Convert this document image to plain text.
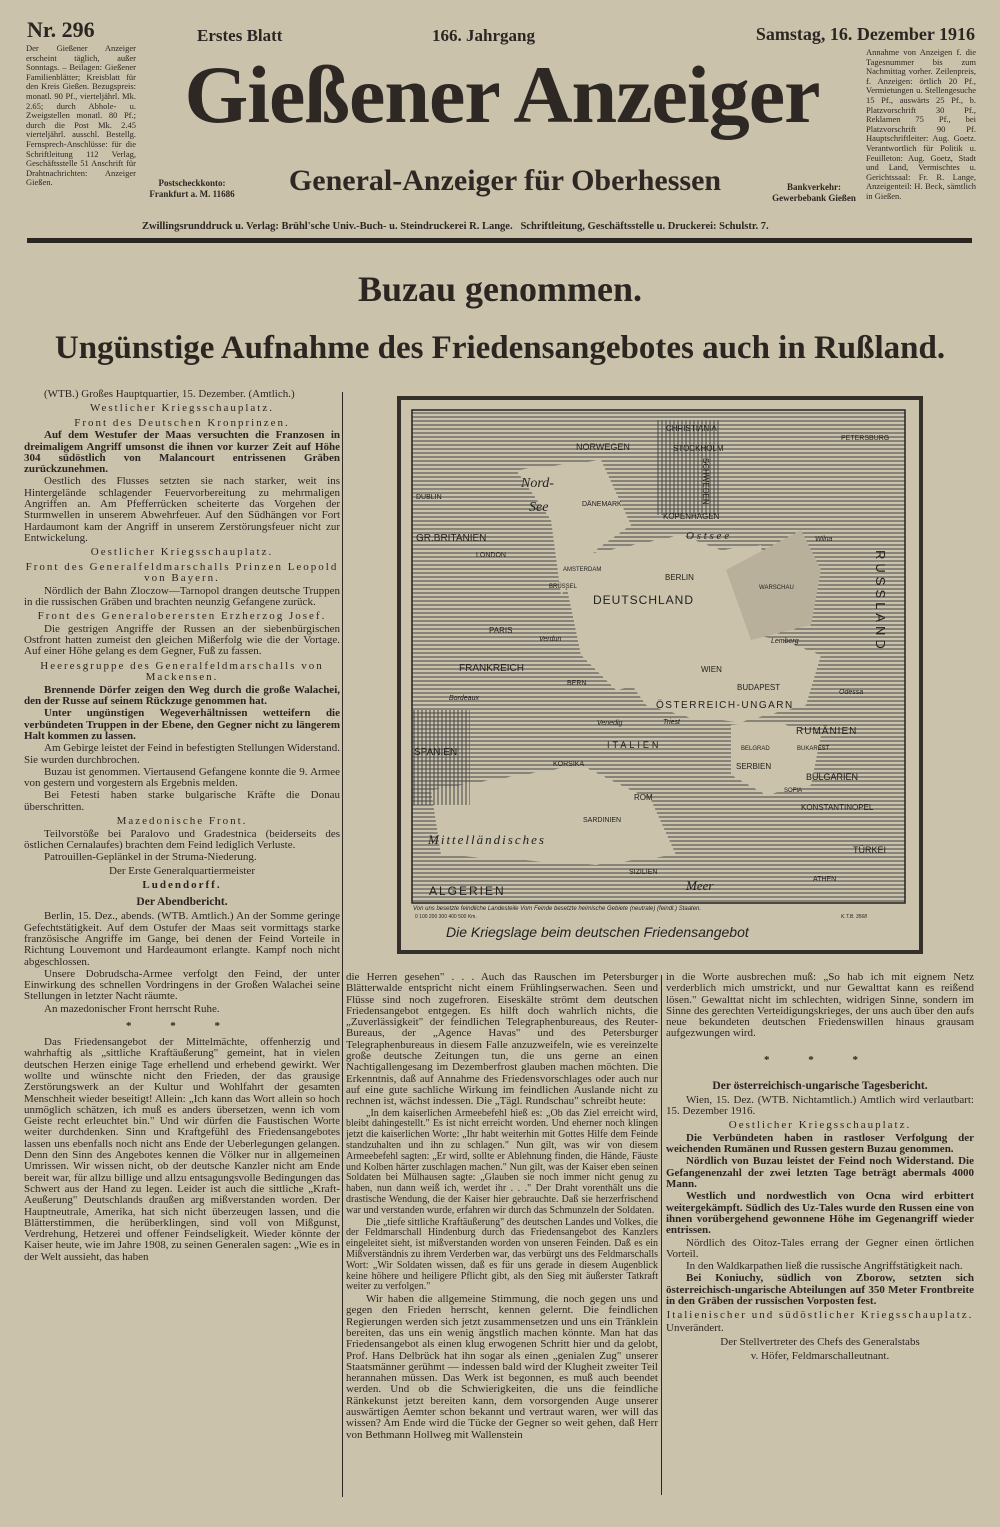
Nr. 296	Erstes Blatt	166. Jahrgang	Samstag, 16. Dezember 1916
Der Gießener Anzeiger erscheint täglich, außer Sonntags. – Beilagen: Gießener Familienblätter; Kreisblatt für den Kreis Gießen. Bezugspreis: monatl. 90 Pf., vierteljährl. Mk. 2.65; durch Abhole- u. Zweigstellen monatl. 80 Pf.; durch die Post Mk. 2.45 vierteljährl. ausschl. Bestellg. Fernsprech-Anschlüsse: für die Schriftleitung 112 Verlag, Geschäftsstelle 51 Anschrift für Drahtnachrichten: Anzeiger Gießen.
Gießener Anzeiger
General-Anzeiger für Oberhessen
Postscheckkonto: Frankfurt a. M. 11686
Bankverkehr: Gewerbebank Gießen
Annahme von Anzeigen f. die Tagesnummer bis zum Nachmittag vorher. Zeilenpreis, f. Anzeigen: örtlich 20 Pf., Vermietungen u. Stellengesuche 15 Pf., auswärts 25 Pf., b. Platzvorschrift 30 Pf., Reklamen 75 Pf., bei Platzvorschrift 90 Pf. Hauptschriftleiter: Aug. Goetz. Verantwortlich für Politik u. Feuilleton: Aug. Goetz, Stadt und Land, Vermischtes u. Gerichtssaal: Fr. R. Lange, Anzeigenteil: H. Beck, sämtlich in Gießen.
Zwillingsrunddruck u. Verlag: Brühl'sche Univ.-Buch- u. Steindruckerei R. Lange.   Schriftleitung, Geschäftsstelle u. Druckerei: Schulstr. 7.
Buzau genommen.
Ungünstige Aufnahme des Friedensangebotes auch in Rußland.

(WTB.) Großes Hauptquartier, 15. Dezember. (Amtlich.)

Westlicher Kriegsschauplatz.
Front des Deutschen Kronprinzen.

Auf dem Westufer der Maas versuchten die Franzosen in dreimaligem Angriff umsonst die ihnen vor kurzer Zeit auf Höhe 304 südöstlich von Malancourt entrissenen Gräben zurückzunehmen.

Oestlich des Flusses setzten sie nach starker, weit ins Hintergelände schlagender Feuervorbereitung zu mehrmaligen Angriffen an. Am Pfefferrücken scheiterte das Vorgehen der Sturmwellen in unserem Abwehrfeuer. Auf den Südhängen vor Fort Hardaumont kam der Angriff in unserem Zerstörungsfeuer nicht zur Entwickelung.

Oestlicher Kriegsschauplatz.
Front des Generalfeldmarschalls Prinzen Leopold von Bayern.

Nördlich der Bahn Zloczow—Tarnopol drangen deutsche Truppen in die russischen Gräben und brachten neunzig Gefangene zurück.

Front des Generaloberersten Erzherzog Josef.

Die gestrigen Angriffe der Russen an der siebenbürgischen Ostfront hatten zumeist den gleichen Mißerfolg wie die der Vortage. Auf einer Höhe gelang es dem Gegner, Fuß zu fassen.

Heeresgruppe des Generalfeldmarschalls von Mackensen.

Brennende Dörfer zeigen den Weg durch die große Walachei, den der Russe auf seinem Rückzuge genommen hat.

Unter ungünstigen Wegeverhältnissen wetteifern die verbündeten Truppen in der Ebene, den Gegner nicht zu längerem Halt kommen zu lassen.

Am Gebirge leistet der Feind in befestigten Stellungen Widerstand. Sie wurden durchbrochen.

Buzau ist genommen. Viertausend Gefangene konnte die 9. Armee von gestern und vorgestern als Ergebnis melden.

Bei Fetesti haben starke bulgarische Kräfte die Donau überschritten.

Mazedonische Front.

Teilvorstöße bei Paralovo und Gradestnica (beiderseits des östlichen Cernalaufes) brachten dem Feind lediglich Verluste.

Patrouillen-Geplänkel in der Struma-Niederung.

Der Erste Generalquartiermeister
Ludendorff.
Der Abendbericht.

Berlin, 15. Dez., abends. (WTB. Amtlich.) An der Somme geringe Gefechtstätigkeit. Auf dem Ostufer der Maas seit vormittags starke französische Angriffe im Gange, bei denen der Feind Vorteile in Richtung Louvemont und Hardeaumont erlangte. Kampf noch nicht abgeschlossen.

Unsere Dobrudscha-Armee verfolgt den Feind, der unter Einwirkung des schnellen Vordringens in der Großen Walachei seine Stellungen in letzter Nacht räumte.

An mazedonischer Front herrscht Ruhe.

* * *

Das Friedensangebot der Mittelmächte, offenherzig und wahrhaftig als „sittliche Kraftäußerung" gemeint, hat in vielen deutschen Herzen einige Tage erhellend und erhebend gewirkt. Wer wollte und wünschte nicht den Frieden, der das grausige Zerstörungswerk an der Kultur und Wohlfahrt der gesamten Menschheit wieder beseitigt! Allein: „Ich kann das Wort allein so hoch unmöglich schätzen, ich muß es anders übersetzen, wenn ich vom Geiste recht erleuchtet bin." Und wir dürfen die Faustischen Worte weiter durchdenken. Sinn und Kraftgefühl des Friedensangebotes lassen uns ebenfalls noch nicht ans Ende der Ueberlegungen gelangen. Denn den Sinn des Angebotes kennen die Völker nur in allgemeinen Umrissen. Wir wissen nicht, ob der deutsche Kanzler nicht am Ende bereit war, für allzu billige und allzu entsagungsvolle Bedingungen das Schwert aus der Hand zu legen. Leider ist auch die sittliche „Kraft-Aeußerung" Deutschlands draußen arg mißverstanden worden. Der Hauptneutrale, Amerika, hat sich nicht überzeugen lassen, und die Blätterstimmen, die herüberklingen, sind voll von Mißgunst, Verdrehung, Hetzerei und offener Feindseligkeit. Wieder könnte der Kaiser heute, wie im Jahre 1908, zu seinen Generalen sagen: „Wie es in der Welt aussieht, das haben

NORWEGEN
CHRISTIANIA
STOCKHOLM
SCHWEDEN
PETERSBURG
Nord-
See	DÄNEMARK
KOPENHAGEN
O s t s e e
DUBLIN
GR.BRITANIEN
LONDON
AMSTERDAM
BRÜSSEL
BERLIN
DEUTSCHLAND
WARSCHAU
Wilna
RUSSLAND
PARIS
Verdun
FRANKREICH
BERN
WIEN
BUDAPEST
Lemberg
ÖSTERREICH-UNGARN
Odessa
Bordeaux
Venedig	Triest
SPANIEN
KORSIKA
ROM
ITALIEN	BELGRAD	BUKAREST
RUMÄNIEN
SERBIEN
BULGARIEN
SOFIA
KONSTANTINOPEL
SARDINIEN
Mittelländisches
Meer
SIZILIEN
ATHEN
TÜRKEI
ALGERIEN
Von uns besetzte feindliche Landesteile Vom Feinde besetzte heimische Gebiete (neutrale) (feindl.) Staaten.
0 100 200 300 400 500 Km.	K.T.B. 3568
Die Kriegslage beim deutschen Friedensangebot

die Herren gesehen" . . . Auch das Rauschen im Petersburger Blätterwalde entspricht nicht einem Frühlingserwachen. Seen und Flüsse sind noch zugefroren. Eiseskälte strömt dem deutschen Friedensangebot entgegen. Es hilft doch wahrlich nichts, die „Zuverlässigkeit" der feindlichen Telegraphenbureaus, des Reuter-Bureaus, der „Agence Havas" und des Petersburger Telegraphenbureaus in diesem Falle anzuzweifeln, wie es vereinzelte große deutsche Zeitungen tun, die uns gerne an einen Nachtigallengesang im Dezemberfrost glauben machen möchten. Die Erkenntnis, daß auf Annahme des Friedensvorschlages oder auch nur auf eine gute sachliche Wirkung im feindlichen Auslande nicht zu rechnen ist, wächst indessen. Die „Tägl. Rundschau" schreibt heute:

„In dem kaiserlichen Armeebefehl hieß es: „Ob das Ziel erreicht wird, bleibt dahingestellt." Es ist nicht erreicht worden. Und eherner noch klingen jetzt die kaiserlichen Worte: „Ihr habt weiterhin mit Gottes Hilfe dem Feinde standzuhalten und ihn zu schlagen." Nun gilt, was wir von diesem Armeebefehl sagten: „Er wird, sollte er Ablehnung finden, die Hände, Fäuste und Kolben härter zuschlagen machen." Nun gilt, was der Kaiser eben seinen Soldaten bei Mülhausen sagte: „Glauben sie noch immer nicht genug zu haben, nun dann weiß ich, werdet ihr . . ." Der Draht vorenthält uns die drastische Wendung, die der Kaiser hier gebrauchte. Daß sie herzerfrischend war und verstanden wurde, erfahren wir durch das Schmunzeln der Soldaten.

Die „tiefe sittliche Kraftäußerung" des deutschen Landes und Volkes, die der Feldmarschall Hindenburg durch das Friedensangebot des Kanzlers eingeleitet sieht, ist mißverstanden worden von unseren Feinden. Daß es ein Mißverständnis zu ihrem Verderben war, das verbürgt uns des Feldmarschalls Wort: „Wir Soldaten wissen, daß es für uns gerade in diesem Augenblick keine höhere und heiligere Pflicht gibt, als den Sieg mit äußerster Tatkraft weiter zu verfolgen."

Wir haben die allgemeine Stimmung, die noch gegen uns und gegen den Frieden herrscht, kennen gelernt. Die feindlichen Regierungen werden sich jetzt zusammensetzen und uns ein Tränklein bereiten, das uns ein wenig ängstlich machen könnte. Man hat das Friedensangebot als einen klug erwogenen Schritt hier und da gelobt, Prof. Hans Delbrück hat ihn sogar als einen „genialen Zug" unserer Staatsmänner gerühmt — indessen bald wird der Klugheit zweiter Teil herannahen müssen. Das Werk ist begonnen, es muß auch beendet werden. Und ob die Schwierigkeiten, die uns die feindliche Ränkekunst jetzt bereiten kann, dem vorsorgenden Auge unserer auswärtigen Aemter schon bekannt und vertraut waren, wer will das wissen? Am Ende wird die Tücke der Gegner so weit gehen, daß Herr von Bethmann Hollweg mit Wallenstein

in die Worte ausbrechen muß: „So hab ich mit eignem Netz verderblich mich umstrickt, und nur Gewalttat kann es reißend lösen." Gewalttat nicht im schlechten, widrigen Sinne, sondern im Sinne des gerechten Verteidigungskrieges, der uns auch über den aufs neue bekundeten deutschen Friedenswillen hinaus grausam aufgezwungen wird.

* * *
Der österreichisch-ungarische Tagesbericht.

Wien, 15. Dez. (WTB. Nichtamtlich.) Amtlich wird verlautbart: 15. Dezember 1916.

Oestlicher Kriegsschauplatz.

Die Verbündeten haben in rastloser Verfolgung der weichenden Rumänen und Russen gestern Buzau genommen.

Nördlich von Buzau leistet der Feind noch Widerstand. Die Gefangenenzahl der zwei letzten Tage beträgt abermals 4000 Mann.

Westlich und nordwestlich von Ocna wird erbittert weitergekämpft. Südlich des Uz-Tales wurde den Russen eine von ihnen vorübergehend gewonnene Höhe im Gegenangriff wieder entrissen.

Nördlich des Oitoz-Tales errang der Gegner einen örtlichen Vorteil.

In den Waldkarpathen ließ die russische Angriffstätigkeit nach.

Bei Koniuchy, südlich von Zborow, setzten sich österreichisch-ungarische Abteilungen auf 350 Meter Frontbreite in den Gräben der russischen Vorposten fest.

Italienischer und südöstlicher Kriegsschauplatz.

Unverändert.

Der Stellvertreter des Chefs des Generalstabs
v. Höfer, Feldmarschalleutnant.
